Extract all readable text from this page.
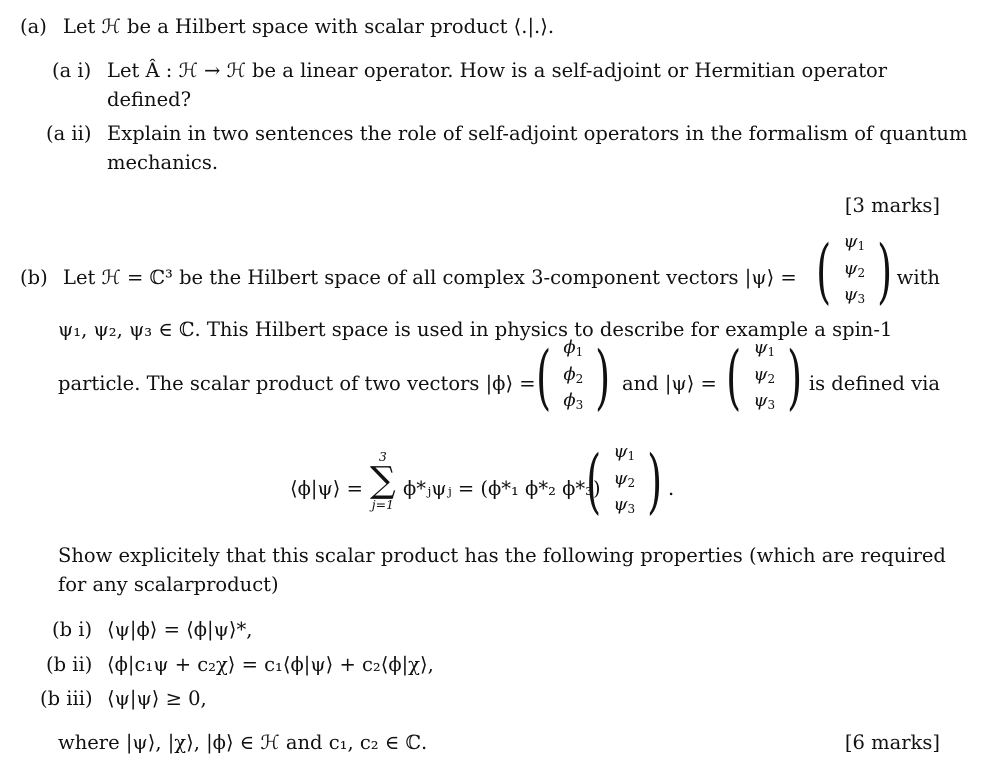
(a) Let ℋ be a Hilbert space with scalar product ⟨.|.⟩.
(a i) Let Â : ℋ → ℋ be a linear operator. How is a self-adjoint or Hermitian operator
defined?
(a ii) Explain in two sentences the role of self-adjoint operators in the formalism of quantum
mechanics.
[3 marks]
(b) Let ℋ = ℂ³ be the Hilbert space of all complex 3-component vectors |ψ⟩ = ( $\psi_1$
$\psi_2$
$\psi_3$ ) with
ψ₁, ψ₂, ψ₃ ∈ ℂ. This Hilbert space is used in physics to describe for example a spin-1
particle. The scalar product of two vectors |ϕ⟩ = ( $\phi_1$
$\phi_2$
$\phi_3$ ) and |ψ⟩ = ( $\psi_1$
$\psi_2$
$\psi_3$ ) is defined via
⟨ϕ|ψ⟩ =
3
∑
j=1
ϕ*ⱼψⱼ = (ϕ*₁ ϕ*₂ ϕ*₃)
( $\psi_1$
$\psi_2$
$\psi_3$ ) .
Show explicitely that this scalar product has the following properties (which are required
for any scalarproduct)
(b i) ⟨ψ|ϕ⟩ = ⟨ϕ|ψ⟩*,
(b ii) ⟨ϕ|c₁ψ + c₂χ⟩ = c₁⟨ϕ|ψ⟩ + c₂⟨ϕ|χ⟩,
(b iii) ⟨ψ|ψ⟩ ≥ 0,
where |ψ⟩, |χ⟩, |ϕ⟩ ∈ ℋ and c₁, c₂ ∈ ℂ.	[6 marks]
